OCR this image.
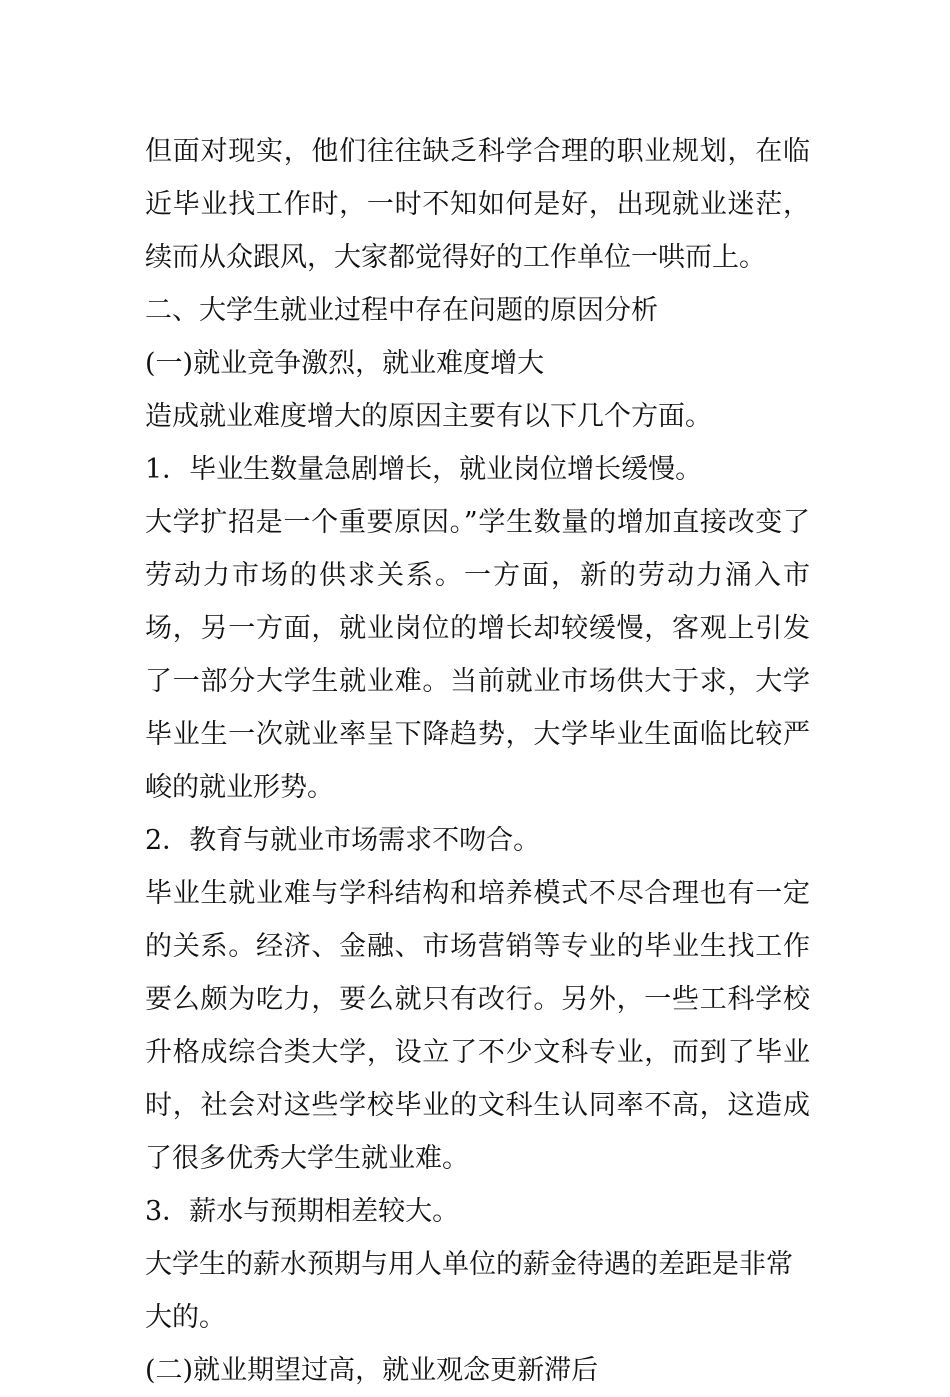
但面对现实，他们往往缺乏科学合理的职业规划，在临近毕业找工作时，一时不知如何是好，出现就业迷茫，续而从众跟风，大家都觉得好的工作单位一哄而上。

二、大学生就业过程中存在问题的原因分析

(一)就业竞争激烈，就业难度增大

造成就业难度增大的原因主要有以下几个方面。

1．毕业生数量急剧增长，就业岗位增长缓慢。

大学扩招是一个重要原因。”学生数量的增加直接改变了劳动力市场的供求关系。一方面，新的劳动力涌入市场，另一方面，就业岗位的增长却较缓慢，客观上引发了一部分大学生就业难。当前就业市场供大于求，大学毕业生一次就业率呈下降趋势，大学毕业生面临比较严峻的就业形势。

2．教育与就业市场需求不吻合。

毕业生就业难与学科结构和培养模式不尽合理也有一定的关系。经济、金融、市场营销等专业的毕业生找工作要么颇为吃力，要么就只有改行。另外，一些工科学校升格成综合类大学，设立了不少文科专业，而到了毕业时，社会对这些学校毕业的文科生认同率不高，这造成了很多优秀大学生就业难。

3．薪水与预期相差较大。

大学生的薪水预期与用人单位的薪金待遇的差距是非常大的。

(二)就业期望过高，就业观念更新滞后
